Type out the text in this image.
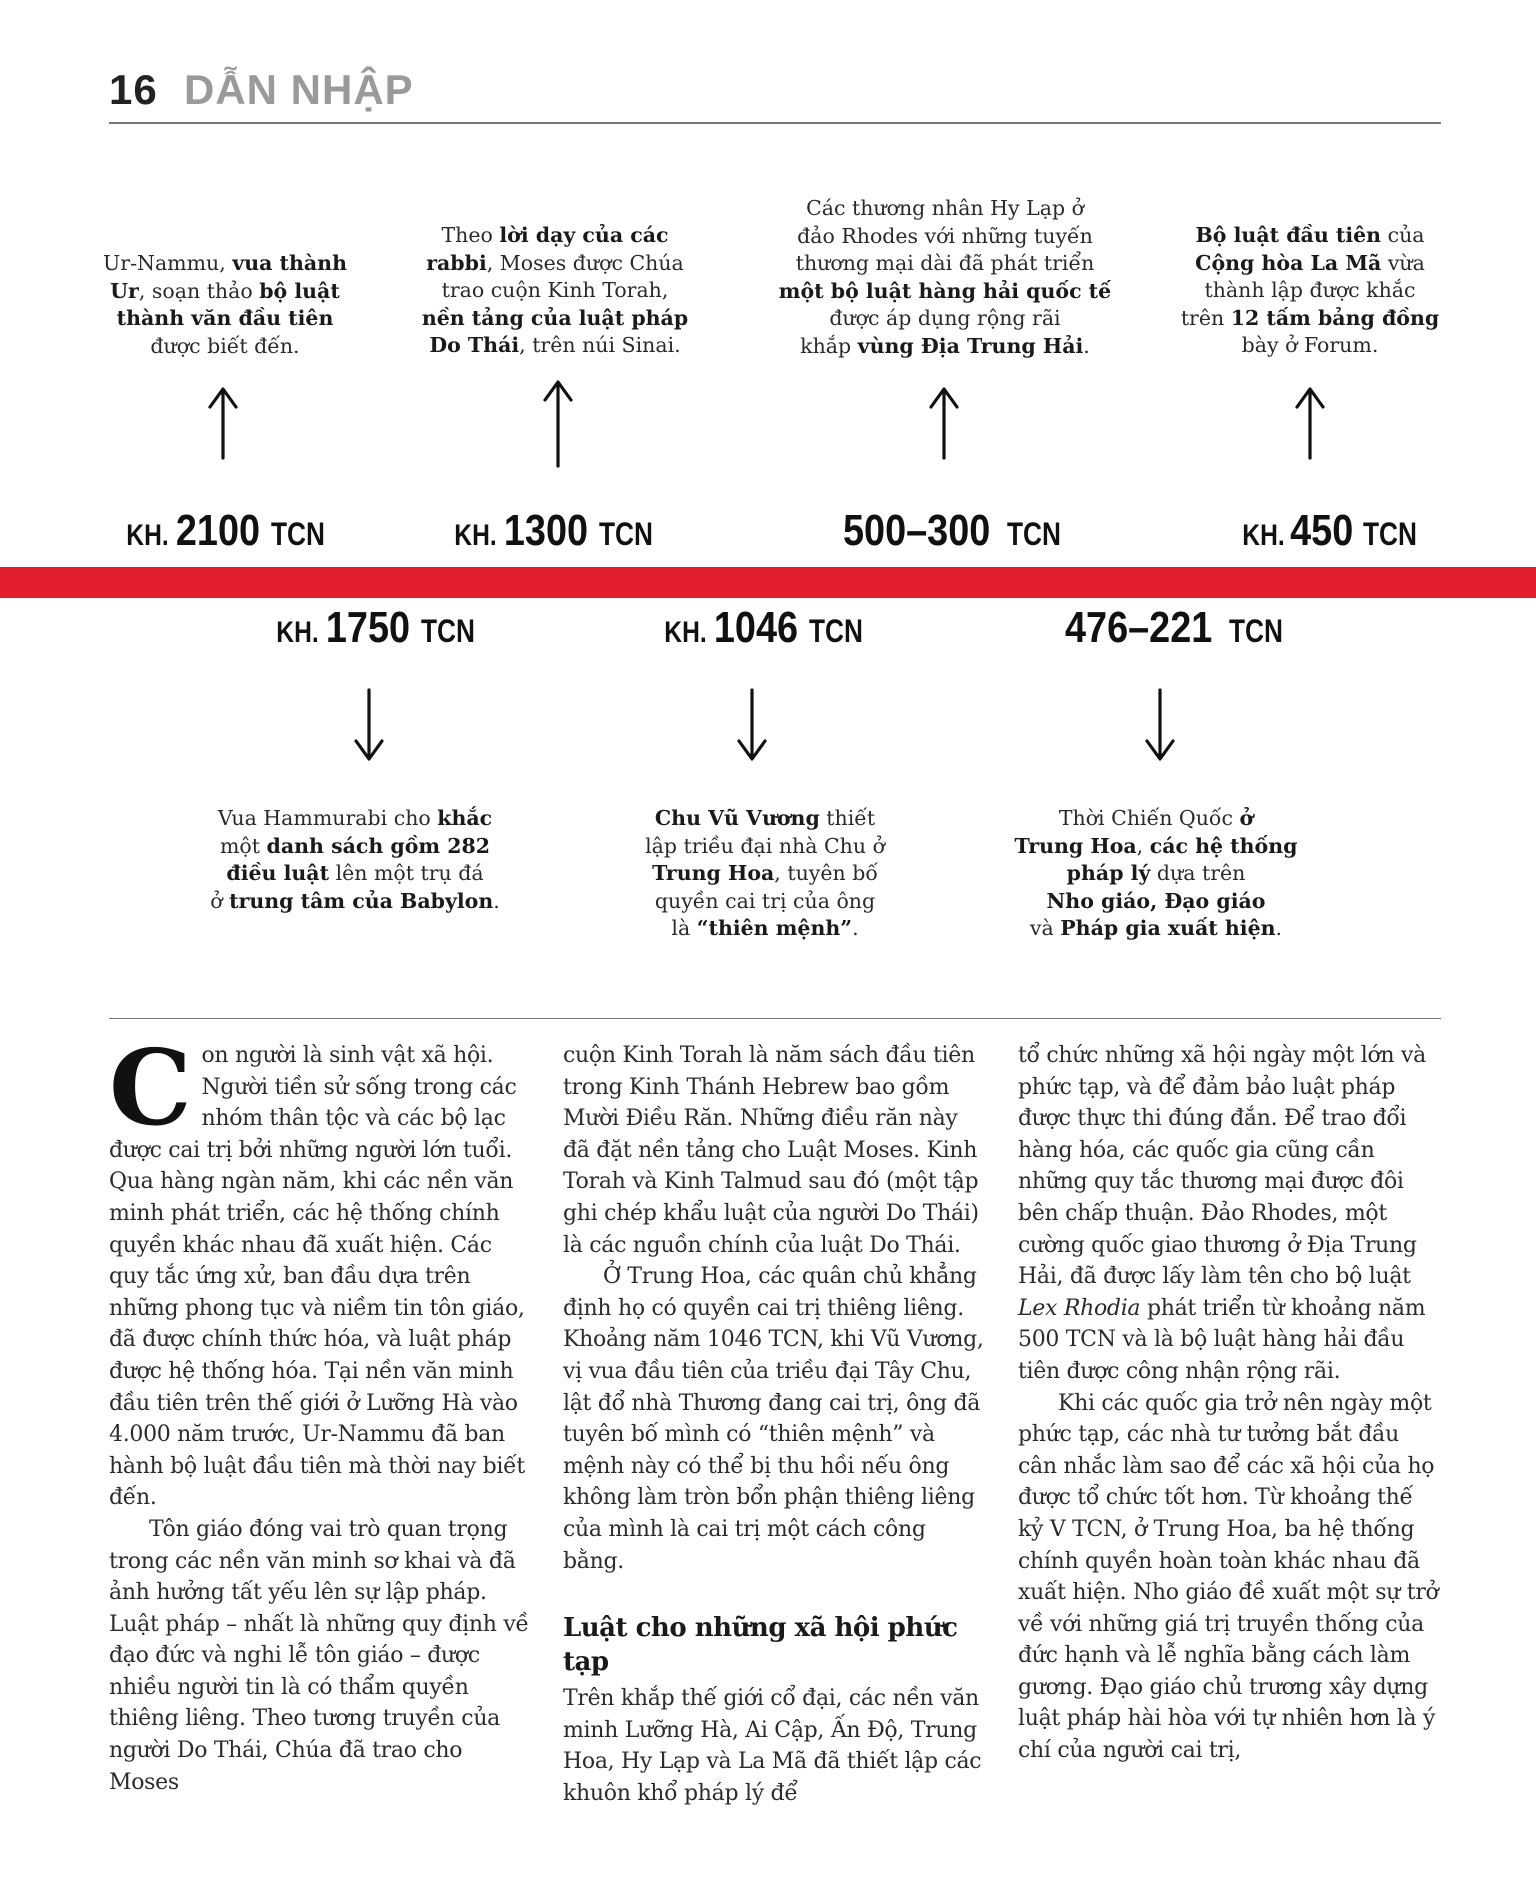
16 DẪN NHẬP
Ur-Nammu, vua thành
Ur, soạn thảo bộ luật
thành văn đầu tiên
được biết đến.
Theo lời dạy của các
rabbi, Moses được Chúa
trao cuộn Kinh Torah,
nền tảng của luật pháp
Do Thái, trên núi Sinai.
Các thương nhân Hy Lạp ở
đảo Rhodes với những tuyến
thương mại dài đã phát triển
một bộ luật hàng hải quốc tế
được áp dụng rộng rãi
khắp vùng Địa Trung Hải.
Bộ luật đầu tiên của
Cộng hòa La Mã vừa
thành lập được khắc
trên 12 tấm bảng đồng
bày ở Forum.
KH. 2100 TCN	KH. 1300 TCN	500–300 TCN	KH. 450 TCN
KH. 1750 TCN	KH. 1046 TCN	476–221 TCN
Vua Hammurabi cho khắc
một danh sách gồm 282
điều luật lên một trụ đá
ở trung tâm của Babylon.
Chu Vũ Vương thiết
lập triều đại nhà Chu ở
Trung Hoa, tuyên bố
quyền cai trị của ông
là “thiên mệnh”.
Thời Chiến Quốc ở
Trung Hoa, các hệ thống
pháp lý dựa trên
Nho giáo, Đạo giáo
và Pháp gia xuất hiện.

Con người là sinh vật xã hội. Người tiền sử sống trong các nhóm thân tộc và các bộ lạc được cai trị bởi những người lớn tuổi. Qua hàng ngàn năm, khi các nền văn minh phát triển, các hệ thống chính quyền khác nhau đã xuất hiện. Các quy tắc ứng xử, ban đầu dựa trên những phong tục và niềm tin tôn giáo, đã được chính thức hóa, và luật pháp được hệ thống hóa. Tại nền văn minh đầu tiên trên thế giới ở Lưỡng Hà vào 4.000 năm trước, Ur-Nammu đã ban hành bộ luật đầu tiên mà thời nay biết đến.

Tôn giáo đóng vai trò quan trọng trong các nền văn minh sơ khai và đã ảnh hưởng tất yếu lên sự lập pháp. Luật pháp – nhất là những quy định về đạo đức và nghi lễ tôn giáo – được nhiều người tin là có thẩm quyền thiêng liêng. Theo tương truyền của người Do Thái, Chúa đã trao cho Moses

cuộn Kinh Torah là năm sách đầu tiên trong Kinh Thánh Hebrew bao gồm Mười Điều Răn. Những điều răn này đã đặt nền tảng cho Luật Moses. Kinh Torah và Kinh Talmud sau đó (một tập ghi chép khẩu luật của người Do Thái) là các nguồn chính của luật Do Thái.

Ở Trung Hoa, các quân chủ khẳng định họ có quyền cai trị thiêng liêng. Khoảng năm 1046 TCN, khi Vũ Vương, vị vua đầu tiên của triều đại Tây Chu, lật đổ nhà Thương đang cai trị, ông đã tuyên bố mình có “thiên mệnh” và mệnh này có thể bị thu hồi nếu ông không làm tròn bổn phận thiêng liêng của mình là cai trị một cách công bằng.

Luật cho những xã hội phức tạp

Trên khắp thế giới cổ đại, các nền văn minh Lưỡng Hà, Ai Cập, Ấn Độ, Trung Hoa, Hy Lạp và La Mã đã thiết lập các khuôn khổ pháp lý để

tổ chức những xã hội ngày một lớn và phức tạp, và để đảm bảo luật pháp được thực thi đúng đắn. Để trao đổi hàng hóa, các quốc gia cũng cần những quy tắc thương mại được đôi bên chấp thuận. Đảo Rhodes, một cường quốc giao thương ở Địa Trung Hải, đã được lấy làm tên cho bộ luật Lex Rhodia phát triển từ khoảng năm 500 TCN và là bộ luật hàng hải đầu tiên được công nhận rộng rãi.

Khi các quốc gia trở nên ngày một phức tạp, các nhà tư tưởng bắt đầu cân nhắc làm sao để các xã hội của họ được tổ chức tốt hơn. Từ khoảng thế kỷ V TCN, ở Trung Hoa, ba hệ thống chính quyền hoàn toàn khác nhau đã xuất hiện. Nho giáo đề xuất một sự trở về với những giá trị truyền thống của đức hạnh và lễ nghĩa bằng cách làm gương. Đạo giáo chủ trương xây dựng luật pháp hài hòa với tự nhiên hơn là ý chí của người cai trị,
